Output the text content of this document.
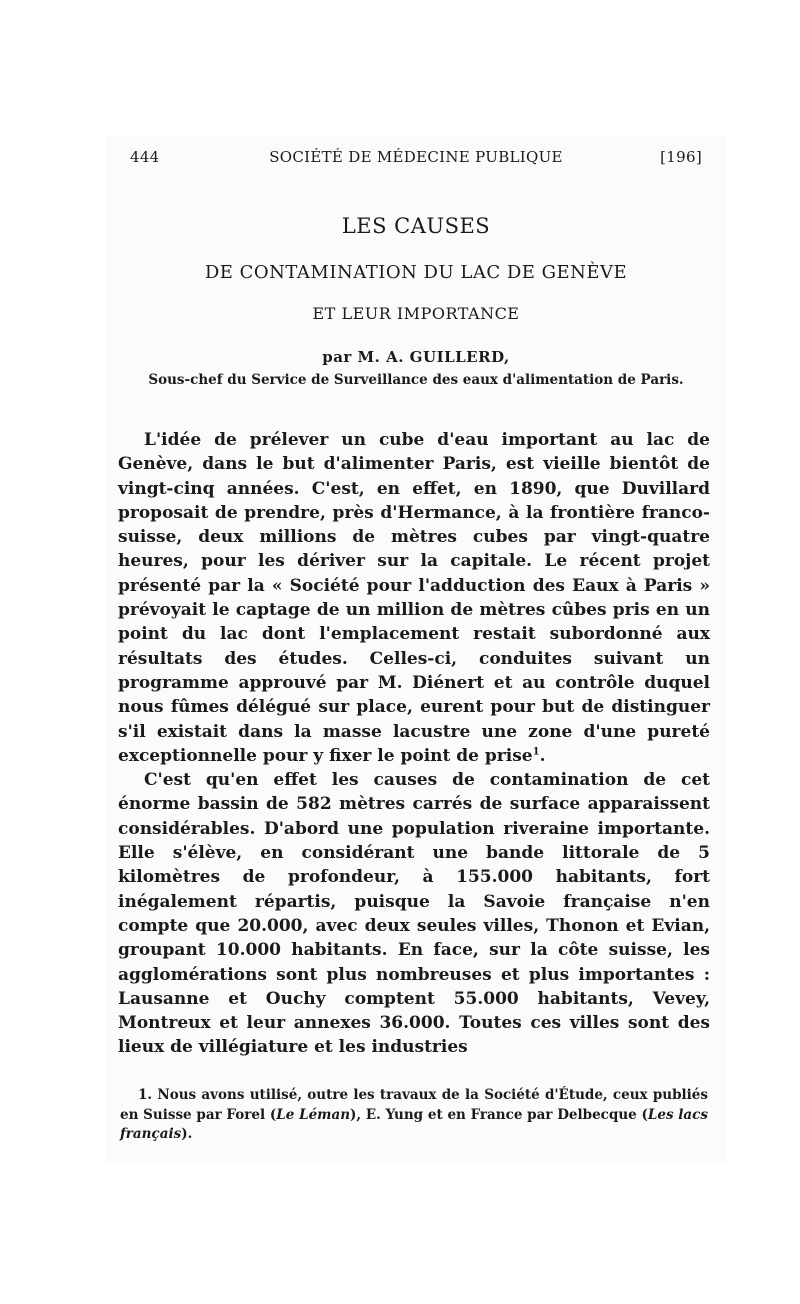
444	SOCIÉTÉ DE MÉDECINE PUBLIQUE	[196]
LES CAUSES
DE CONTAMINATION DU LAC DE GENÈVE
ET LEUR IMPORTANCE
par M. A. GUILLERD,
Sous-chef du Service de Surveillance des eaux d'alimentation de Paris.

L'idée de prélever un cube d'eau important au lac de Genève, dans le but d'alimenter Paris, est vieille bientôt de vingt-cinq années. C'est, en effet, en 1890, que Duvillard proposait de prendre, près d'Hermance, à la frontière franco-suisse, deux millions de mètres cubes par vingt-quatre heures, pour les dériver sur la capitale. Le récent projet présenté par la « Société pour l'adduction des Eaux à Paris » prévoyait le captage de un million de mètres cûbes pris en un point du lac dont l'emplacement restait subordonné aux résultats des études. Celles-ci, conduites suivant un programme approuvé par M. Diénert et au contrôle duquel nous fûmes délégué sur place, eurent pour but de distinguer s'il existait dans la masse lacustre une zone d'une pureté exceptionnelle pour y fixer le point de prise$^1$.

C'est qu'en effet les causes de contamination de cet énorme bassin de 582 mètres carrés de surface apparaissent considérables. D'abord une population riveraine importante. Elle s'élève, en considérant une bande littorale de 5 kilomètres de profondeur, à 155.000 habitants, fort inégalement répartis, puisque la Savoie française n'en compte que 20.000, avec deux seules villes, Thonon et Evian, groupant 10.000 habitants. En face, sur la côte suisse, les agglomérations sont plus nombreuses et plus importantes : Lausanne et Ouchy comptent 55.000 habitants, Vevey, Montreux et leur annexes 36.000. Toutes ces villes sont des lieux de villégiature et les industries

1. Nous avons utilisé, outre les travaux de la Société d'Étude, ceux publiés en Suisse par Forel (Le Léman), E. Yung et en France par Delbecque (Les lacs français).
